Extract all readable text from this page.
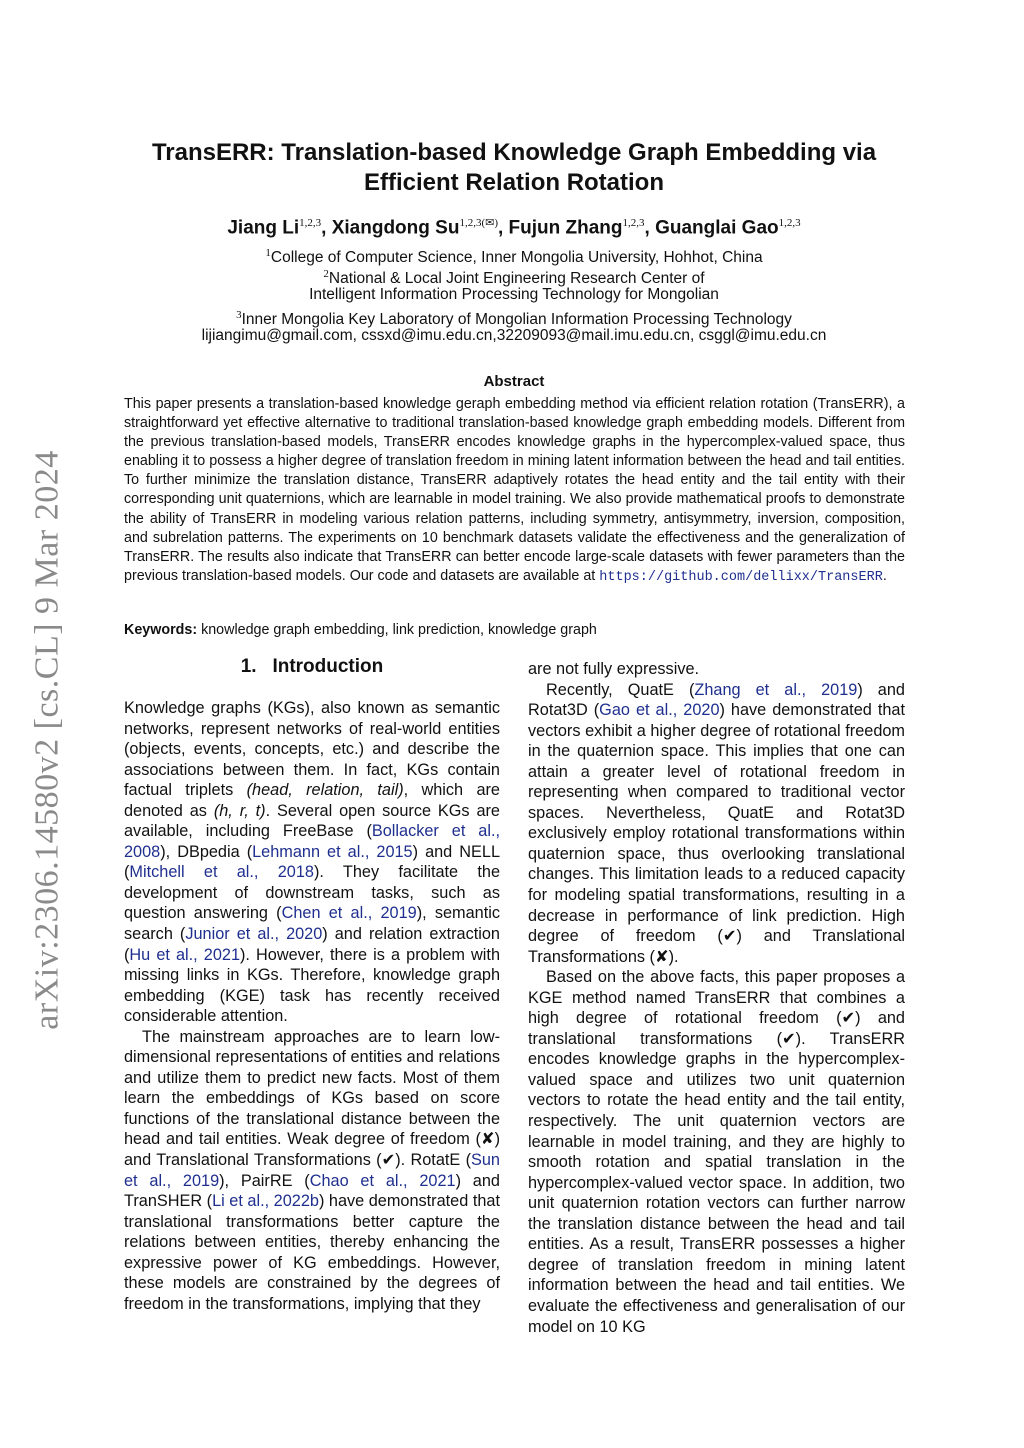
arXiv:2306.14580v2 [cs.CL] 9 Mar 2024
TransERR: Translation-based Knowledge Graph Embedding via
Efficient Relation Rotation
Jiang Li$^{1,2,3}$, Xiangdong $Su^{1,2,3(✉)}$, Fujun Zhang$^{1,2,3}$, Guanglai Gao$^{1,2,3}$
$^1$College of Computer Science, Inner Mongolia University, Hohhot, China
$^2$National & Local Joint Engineering Research Center of
Intelligent Information Processing Technology for Mongolian
$^3$Inner Mongolia Key Laboratory of Mongolian Information Processing Technology
lijiangimu@gmail.com, cssxd@imu.edu.cn,32209093@mail.imu.edu.cn, csggl@imu.edu.cn
Abstract
This paper presents a translation-based knowledge geraph embedding method via efficient relation rotation (TransERR), a straightforward yet effective alternative to traditional translation-based knowledge graph embedding models. Different from the previous translation-based models, TransERR encodes knowledge graphs in the hypercomplex-valued space, thus enabling it to possess a higher degree of translation freedom in mining latent information between the head and tail entities. To further minimize the translation distance, TransERR adaptively rotates the head entity and the tail entity with their corresponding unit quaternions, which are learnable in model training. We also provide mathematical proofs to demonstrate the ability of TransERR in modeling various relation patterns, including symmetry, antisymmetry, inversion, composition, and subrelation patterns. The experiments on 10 benchmark datasets validate the effectiveness and the generalization of TransERR. The results also indicate that TransERR can better encode large-scale datasets with fewer parameters than the previous translation-based models. Our code and datasets are available at https://github.com/dellixx/TransERR.
Keywords: knowledge graph embedding, link prediction, knowledge graph
1. Introduction

Knowledge graphs (KGs), also known as semantic networks, represent networks of real-world entities (objects, events, concepts, etc.) and describe the associations between them. In fact, KGs contain factual triplets (head, relation, tail), which are denoted as (h, r, t). Several open source KGs are available, including FreeBase (Bollacker et al., 2008), DBpedia (Lehmann et al., 2015) and NELL (Mitchell et al., 2018). They facilitate the development of downstream tasks, such as question answering (Chen et al., 2019), semantic search (Junior et al., 2020) and relation extraction (Hu et al., 2021). However, there is a problem with missing links in KGs. Therefore, knowledge graph embedding (KGE) task has recently received considerable attention.

The mainstream approaches are to learn low-dimensional representations of entities and relations and utilize them to predict new facts. Most of them learn the embeddings of KGs based on score functions of the translational distance between the head and tail entities. Weak degree of freedom (✘) and Translational Transformations (✔). RotatE (Sun et al., 2019), PairRE (Chao et al., 2021) and TranSHER (Li et al., 2022b) have demonstrated that translational transformations better capture the relations between entities, thereby enhancing the expressive power of KG embeddings. However, these models are constrained by the degrees of freedom in the transformations, implying that they

are not fully expressive.

Recently, QuatE (Zhang et al., 2019) and Rotat3D (Gao et al., 2020) have demonstrated that vectors exhibit a higher degree of rotational freedom in the quaternion space. This implies that one can attain a greater level of rotational freedom in representing when compared to traditional vector spaces. Nevertheless, QuatE and Rotat3D exclusively employ rotational transformations within quaternion space, thus overlooking translational changes. This limitation leads to a reduced capacity for modeling spatial transformations, resulting in a decrease in performance of link prediction. High degree of freedom (✔) and Translational Transformations (✘).

Based on the above facts, this paper proposes a KGE method named TransERR that combines a high degree of rotational freedom (✔) and translational transformations (✔). TransERR encodes knowledge graphs in the hypercomplex-valued space and utilizes two unit quaternion vectors to rotate the head entity and the tail entity, respectively. The unit quaternion vectors are learnable in model training, and they are highly to smooth rotation and spatial translation in the hypercomplex-valued vector space. In addition, two unit quaternion rotation vectors can further narrow the translation distance between the head and tail entities. As a result, TransERR possesses a higher degree of translation freedom in mining latent information between the head and tail entities. We evaluate the effectiveness and generalisation of our model on 10 KG
